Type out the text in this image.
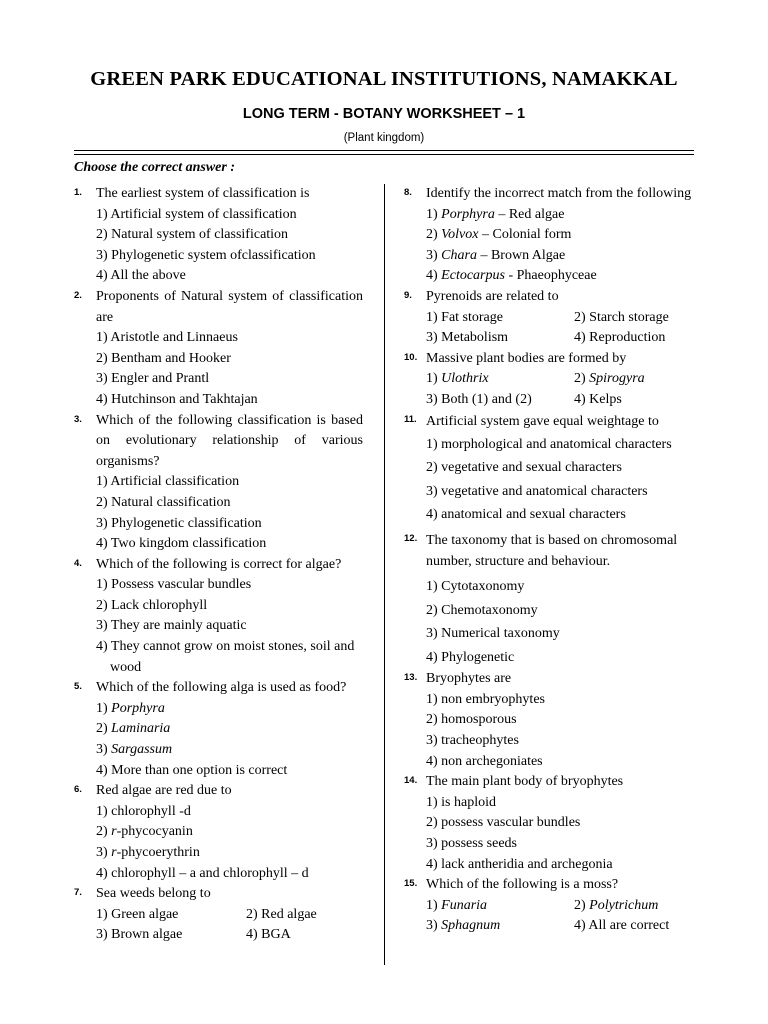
GREEN PARK EDUCATIONAL INSTITUTIONS, NAMAKKAL
LONG TERM - BOTANY WORKSHEET – 1
(Plant kingdom)
Choose the correct answer :
1. The earliest system of classification is
1) Artificial system of classification
2) Natural system of classification
3) Phylogenetic system ofclassification
4) All the above
2. Proponents of Natural system of classification are
1) Aristotle and Linnaeus
2) Bentham and Hooker
3) Engler and Prantl
4) Hutchinson and Takhtajan
3. Which of the following classification is based on evolutionary relationship of various organisms?
1) Artificial classification
2) Natural classification
3) Phylogenetic classification
4) Two kingdom classification
4. Which of the following is correct for algae?
1) Possess vascular bundles
2) Lack chlorophyll
3) They are mainly aquatic
4) They cannot grow on moist stones, soil and wood
5. Which of the following alga is used as food?
1) Porphyra
2) Laminaria
3) Sargassum
4) More than one option is correct
6. Red algae are red due to
1) chlorophyll -d
2) r-phycocyanin
3) r-phycoerythrin
4) chlorophyll – a and chlorophyll – d
7. Sea weeds belong to
1) Green algae	2) Red algae
3) Brown algae	4) BGA
8. Identify the incorrect match from the following
1) Porphyra – Red algae
2) Volvox – Colonial form
3) Chara – Brown Algae
4) Ectocarpus - Phaeophyceae
9. Pyrenoids are related to
1) Fat storage	2) Starch storage
3) Metabolism	4) Reproduction
10. Massive plant bodies are formed by
1) Ulothrix	2) Spirogyra
3) Both (1) and (2)	4) Kelps
11. Artificial system gave equal weightage to
1) morphological and anatomical characters
2) vegetative and sexual characters
3) vegetative and anatomical characters
4) anatomical and sexual characters
12. The taxonomy that is based on chromosomal number, structure and behaviour.
1) Cytotaxonomy
2) Chemotaxonomy
3) Numerical taxonomy
4) Phylogenetic
13. Bryophytes are
1) non embryophytes
2) homosporous
3) tracheophytes
4) non archegoniates
14. The main plant body of bryophytes
1) is haploid
2) possess vascular bundles
3) possess seeds
4) lack antheridia and archegonia
15. Which of the following is a moss?
1) Funaria	2) Polytrichum
3) Sphagnum	4) All are correct
